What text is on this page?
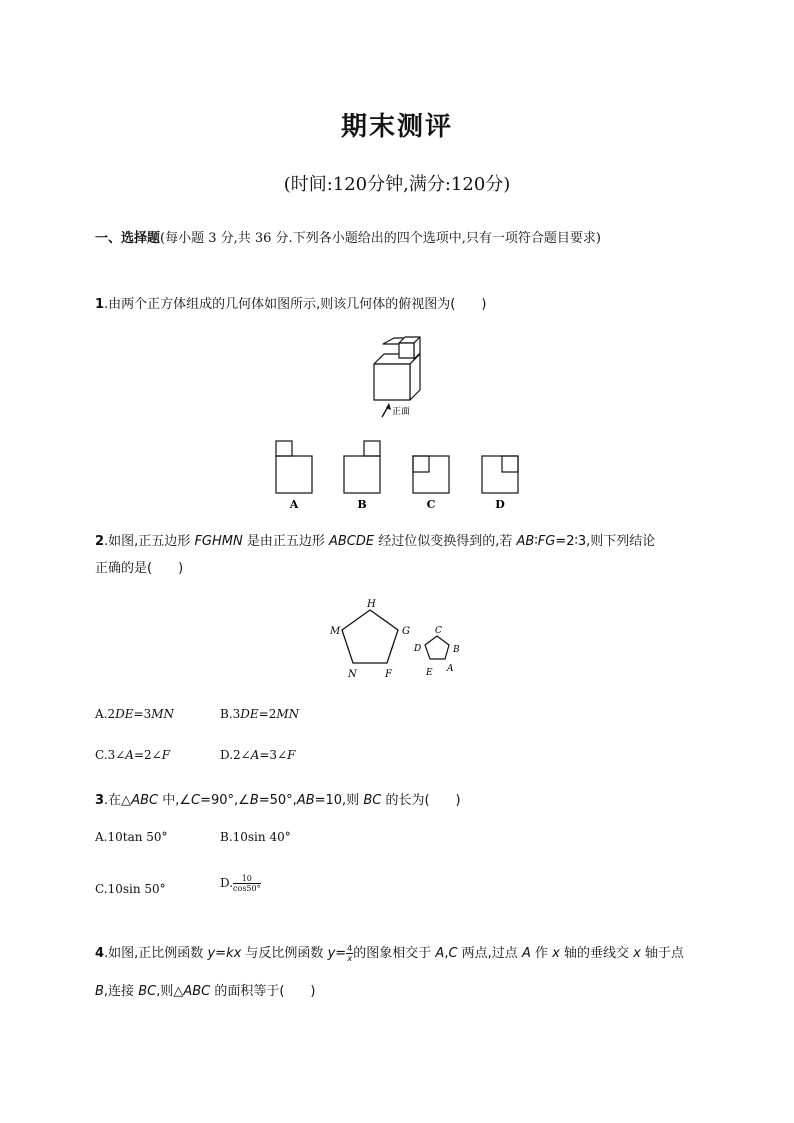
期末测评
(时间:120分钟,满分:120分)
一、选择题(每小题 3 分,共 36 分.下列各小题给出的四个选项中,只有一项符合题目要求)
1.由两个正方体组成的几何体如图所示,则该几何体的俯视图为(　　)
正面
A	B	C	D
2.如图,正五边形 FGHMN 是由正五边形 ABCDE 经过位似变换得到的,若 AB∶FG=2∶3,则下列结论
正确的是(　　)
H
G
F
N
M	C
B
A
E
D
A.2DE=3MN	B.3DE=2MN
C.3∠A=2∠F	D.2∠A=3∠F
3.在△ABC 中,∠C=90°,∠B=50°,AB=10,则 BC 的长为(　　)
A.10tan 50°	B.10sin 40°
C.10sin 50°	D. $\frac{10}{\cos 50^\circ}$
4.如图,正比例函数 y=kx 与反比例函数 $y= \frac{4}{x}$ 的图象相交于 A,C 两点,过点 A 作 x 轴的垂线交 x 轴于点
B,连接 BC,则△ABC 的面积等于(　　)
